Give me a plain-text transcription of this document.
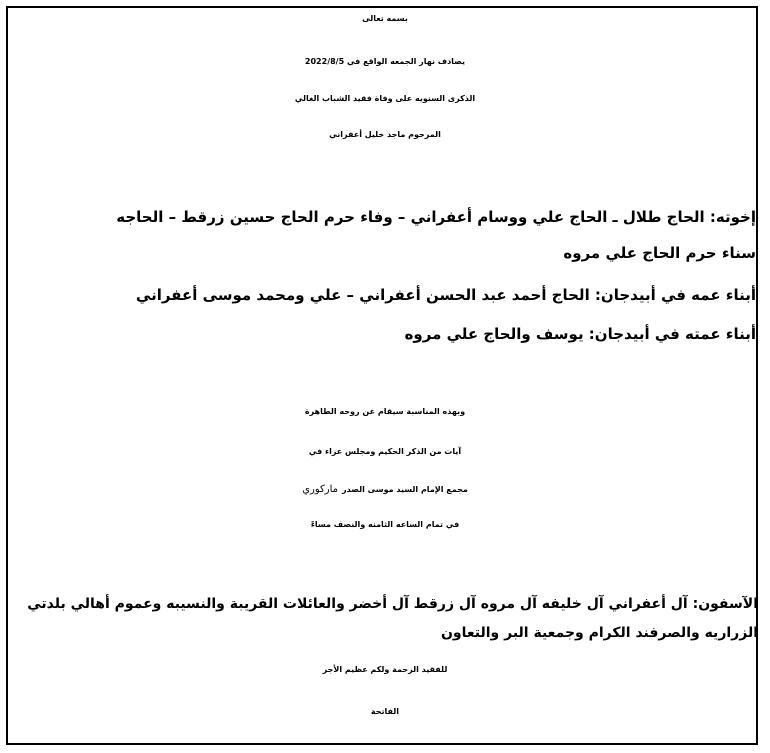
بسمه تعالى
يصادف نهار الجمعه الواقع في 2022/8/5
الذكرى السنويه على وفاة فقيد الشباب الغالي
المرحوم ماجد خليل أعفراني
إخوته: الحاج طلال ـ الحاج علي ووسام أعفراني – وفاء حرم الحاج حسين زرقط – الحاجه
سناء حرم الحاج علي مروه
أبناء عمه في أبيدجان: الحاج أحمد عبد الحسن أعفراني – علي ومحمد موسى أعفراني
أبناء عمته في أبيدجان: يوسف والحاج علي مروه
وبهذه المناسبة سيقام عن روحه الطاهرة
آيات من الذكر الحكيم ومجلس عزاء في
مجمع الإمام السيد موسى الصدرماركوري
في تمام الساعه الثامنه والنصف مساءً
الآسفون: آل أعفراني آل خليفه آل مروه آل زرقط آل أخضر والعائلات القريبة والنسيبه وعموم أهالي بلدتي
الزراريه والصرفند الكرام وجمعية البر والتعاون
للفقيد الرحمة ولكم عظيم الأجر
الفاتحة
